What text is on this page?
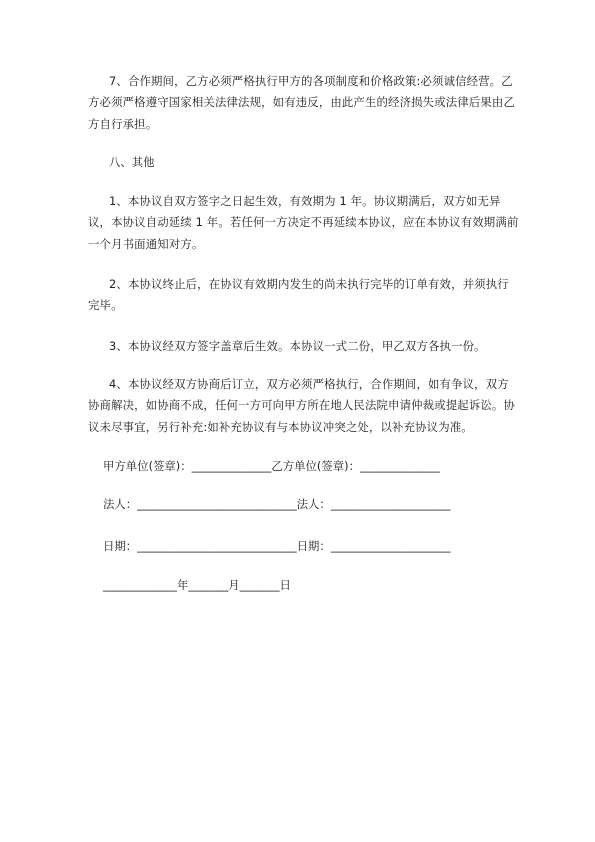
7、合作期间，乙方必须严格执行甲方的各项制度和价格政策:必须诚信经营。乙方必须严格遵守国家相关法律法规，如有违反，由此产生的经济损失或法律后果由乙方自行承担。

八、其他

1、本协议自双方签字之日起生效，有效期为 1 年。协议期满后，双方如无异议，本协议自动延续 1 年。若任何一方决定不再延续本协议，应在本协议有效期满前一个月书面通知对方。

2、本协议终止后，在协议有效期内发生的尚未执行完毕的订单有效，并须执行完毕。

3、本协议经双方签字盖章后生效。本协议一式二份，甲乙双方各执一份。

4、本协议经双方协商后订立，双方必须严格执行，合作期间，如有争议，双方协商解决，如协商不成，任何一方可向甲方所在地人民法院申请仲裁或提起诉讼。协议未尽事宜，另行补充:如补充协议有与本协议冲突之处，以补充协议为准。

甲方单位(签章)：______________乙方单位(签章)：______________
法人：____________________________法人：_____________________
日期：____________________________日期：_____________________
_____________年_______月_______日
